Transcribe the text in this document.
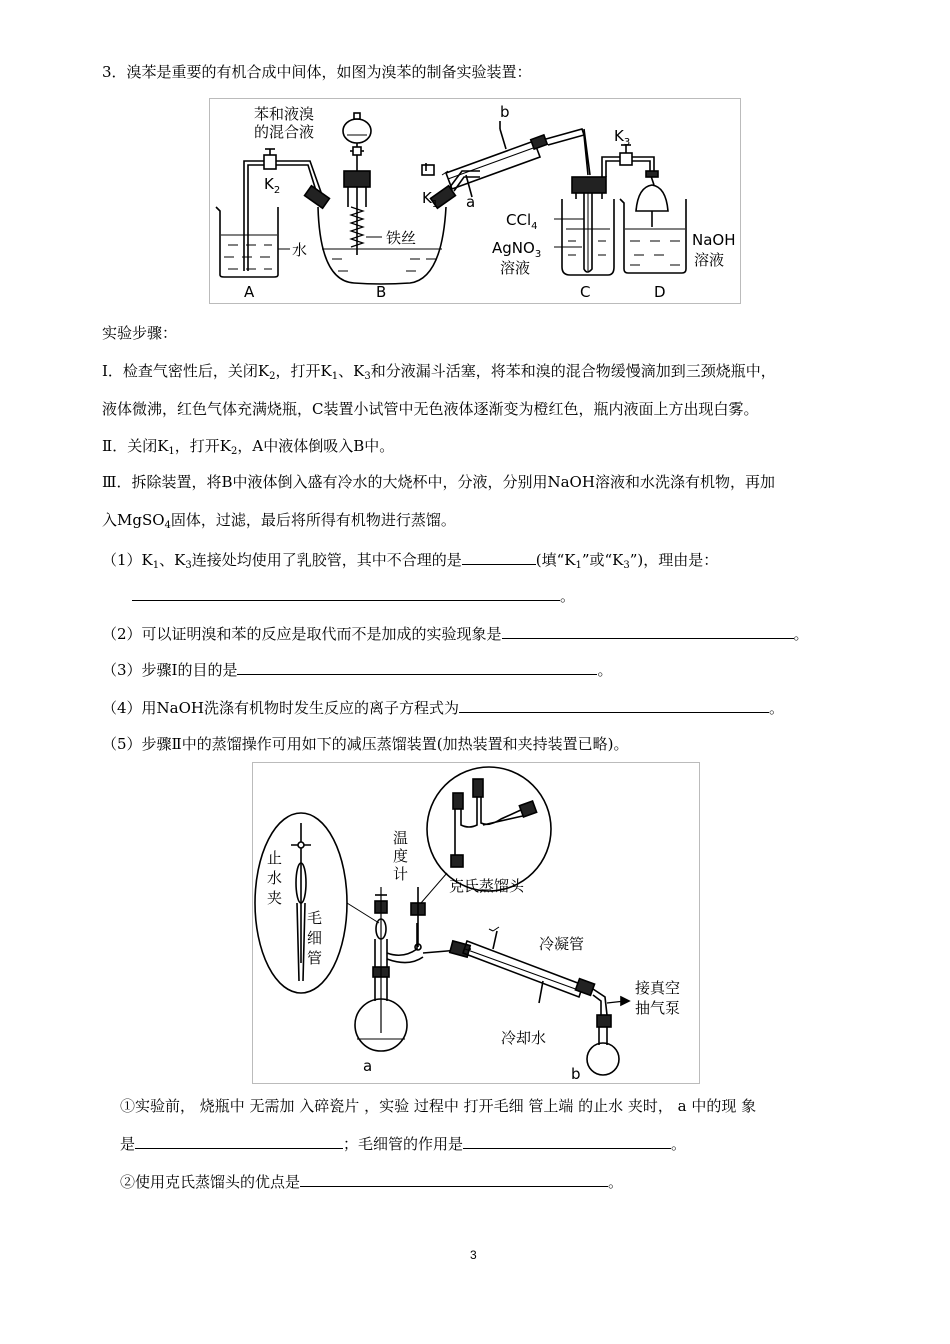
3．溴苯是重要的有机合成中间体，如图为溴苯的制备实验装置：
苯和液溴
的混合液
$K_2$
水
铁丝
$K_1$ a
b
$K_3$
CCl$_4$
AgNO$_3$
溶液
NaOH
溶液
A	B	C	D
实验步骤：
Ⅰ．检查气密性后，关闭$K_2$，打开$K_1$、$K_3$和分液漏斗活塞，将苯和溴的混合物缓慢滴加到三颈烧瓶中，
液体微沸，红色气体充满烧瓶，C装置小试管中无色液体逐渐变为橙红色，瓶内液面上方出现白雾。
Ⅱ．关闭$K_1$，打开$K_2$，A中液体倒吸入B中。
Ⅲ．拆除装置，将B中液体倒入盛有冷水的大烧杯中，分液，分别用NaOH溶液和水洗涤有机物，再加
入MgSO$_4$固体，过滤，最后将所得有机物进行蒸馏。
$(1)K_1$、$K_3$连接处均使用了乳胶管，其中不合理的是	(填“$K_1$”或“$K_3$”)，理由是：
。
（2）可以证明溴和苯的反应是取代而不是加成的实验现象是	。
（3）步骤Ⅰ的目的是	。
（4）用NaOH洗涤有机物时发生反应的离子方程式为	。
（5）步骤Ⅱ中的蒸馏操作可用如下的减压蒸馏装置(加热装置和夹持装置已略)。
止
水
夹
毛
细
管
温
度
计
克氏蒸馏头
冷凝管
接真空
抽气泵
冷却水
a	b
①实验前， 烧瓶中 无需加 入碎瓷片 ，实验 过程中 打开毛细 管上端 的止水 夹时， a 中的现 象
是	；毛细管的作用是	。
②使用克氏蒸馏头的优点是	。
3
